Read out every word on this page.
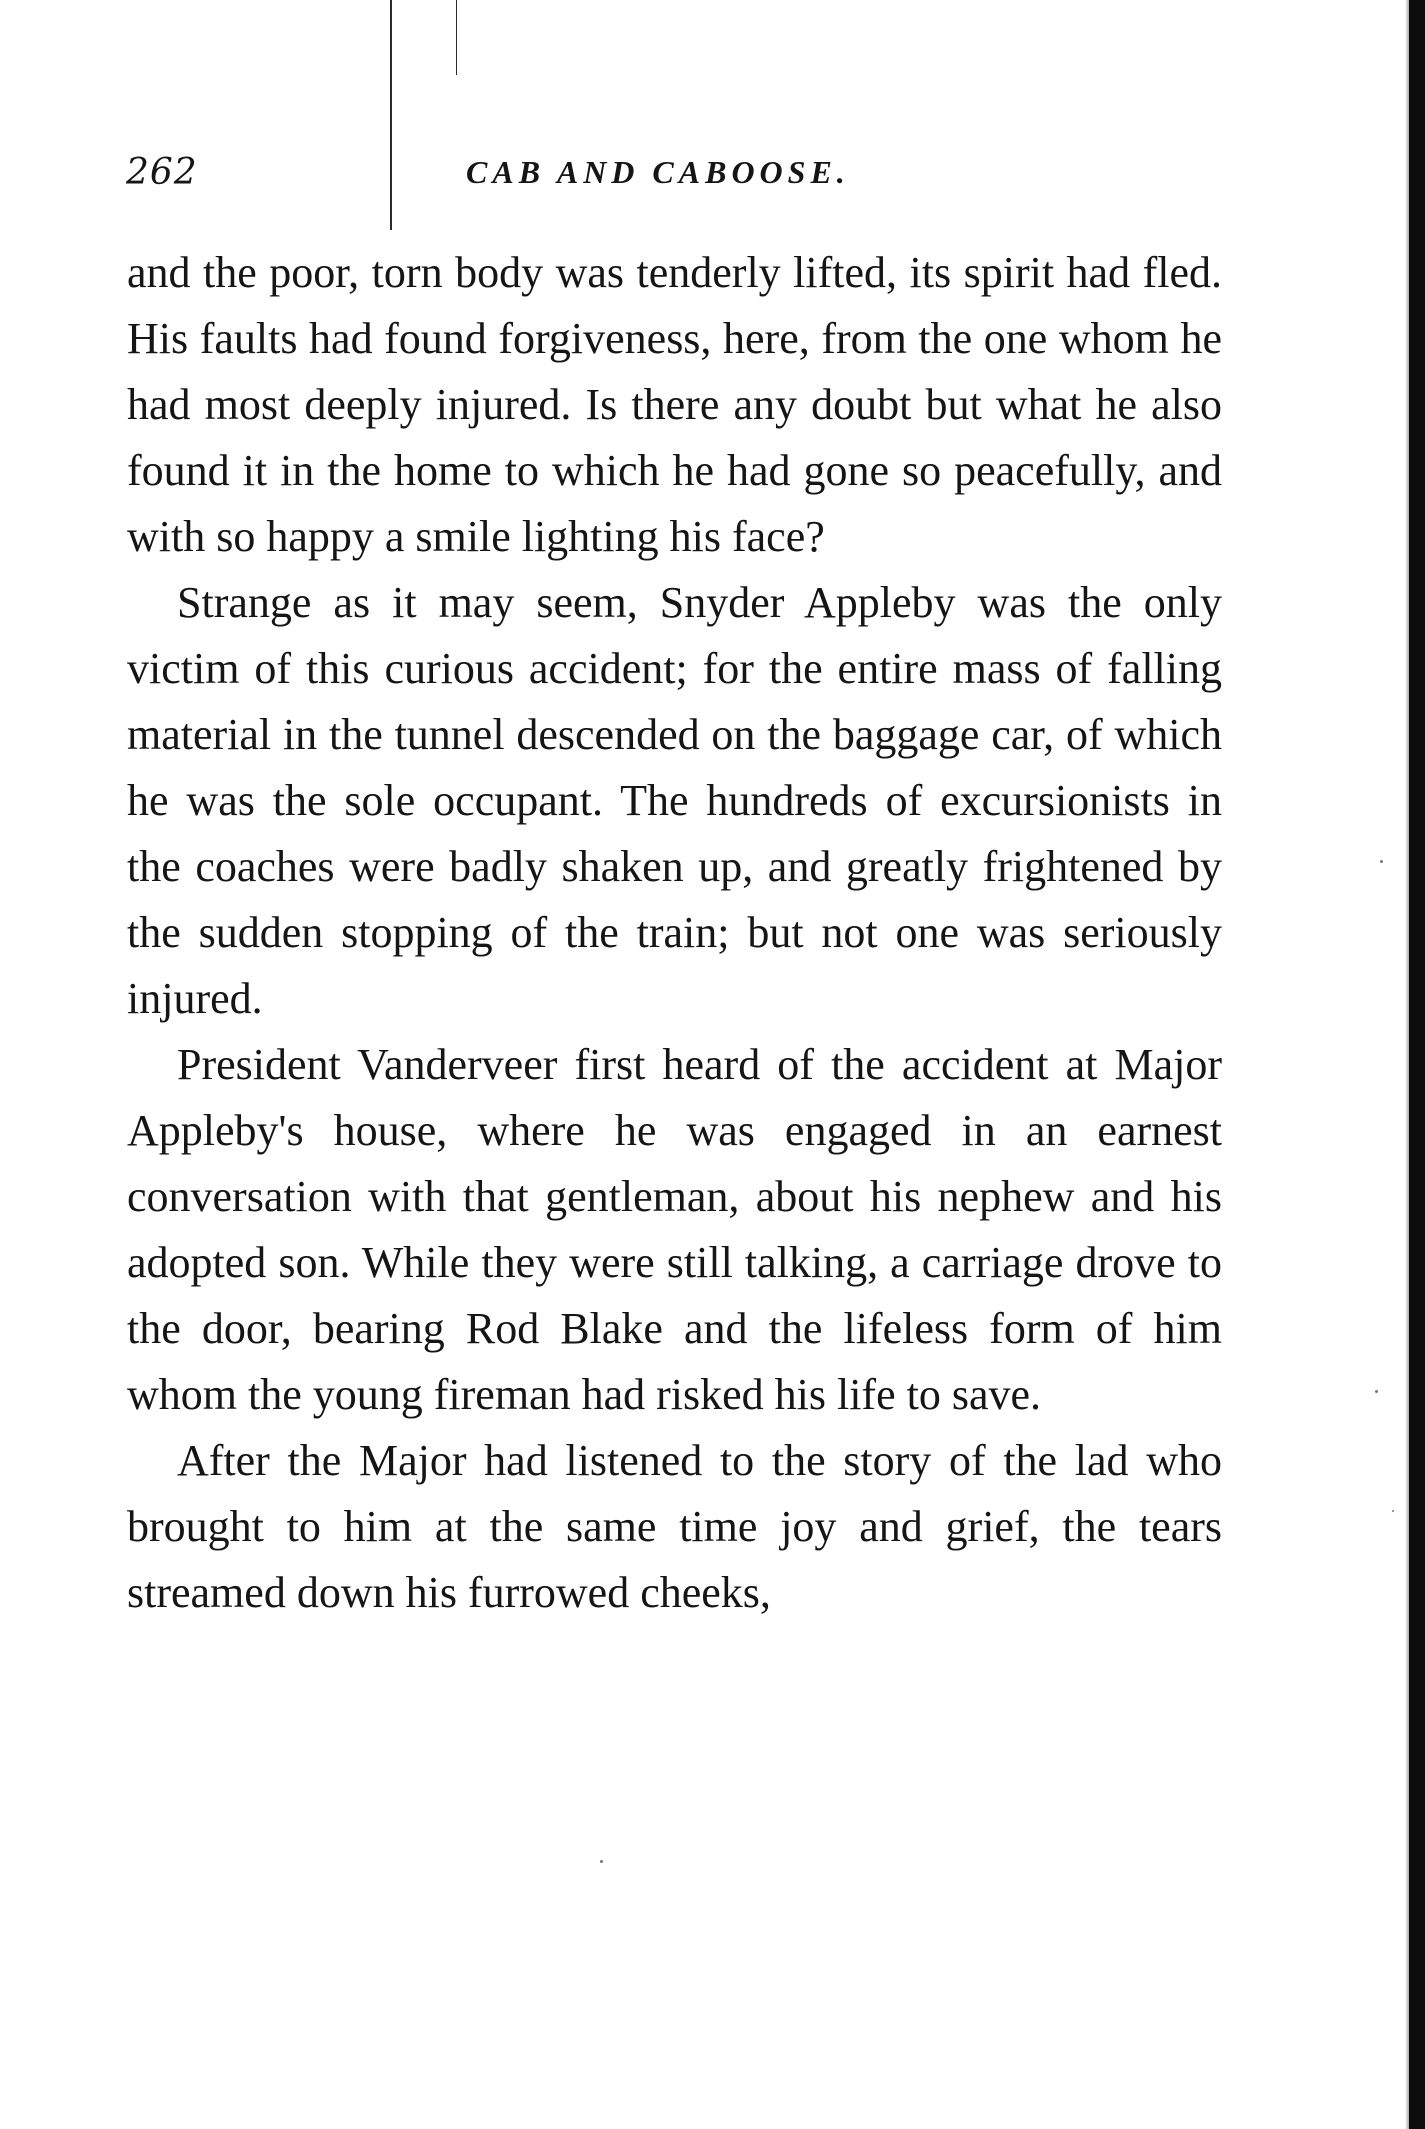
262	CAB AND CABOOSE.

and the poor, torn body was tenderly lifted, its spirit had fled. His faults had found forgiveness, here, from the one whom he had most deeply injured. Is there any doubt but what he also found it in the home to which he had gone so peacefully, and with so happy a smile lighting his face?

Strange as it may seem, Snyder Appleby was the only victim of this curious accident; for the entire mass of falling material in the tunnel descended on the baggage car, of which he was the sole occupant. The hundreds of excursionists in the coaches were badly shaken up, and greatly frightened by the sudden stopping of the train; but not one was seriously injured.

President Vanderveer first heard of the accident at Major Appleby's house, where he was engaged in an earnest conversation with that gentleman, about his nephew and his adopted son. While they were still talking, a carriage drove to the door, bearing Rod Blake and the lifeless form of him whom the young fireman had risked his life to save.

After the Major had listened to the story of the lad who brought to him at the same time joy and grief, the tears streamed down his furrowed cheeks,
